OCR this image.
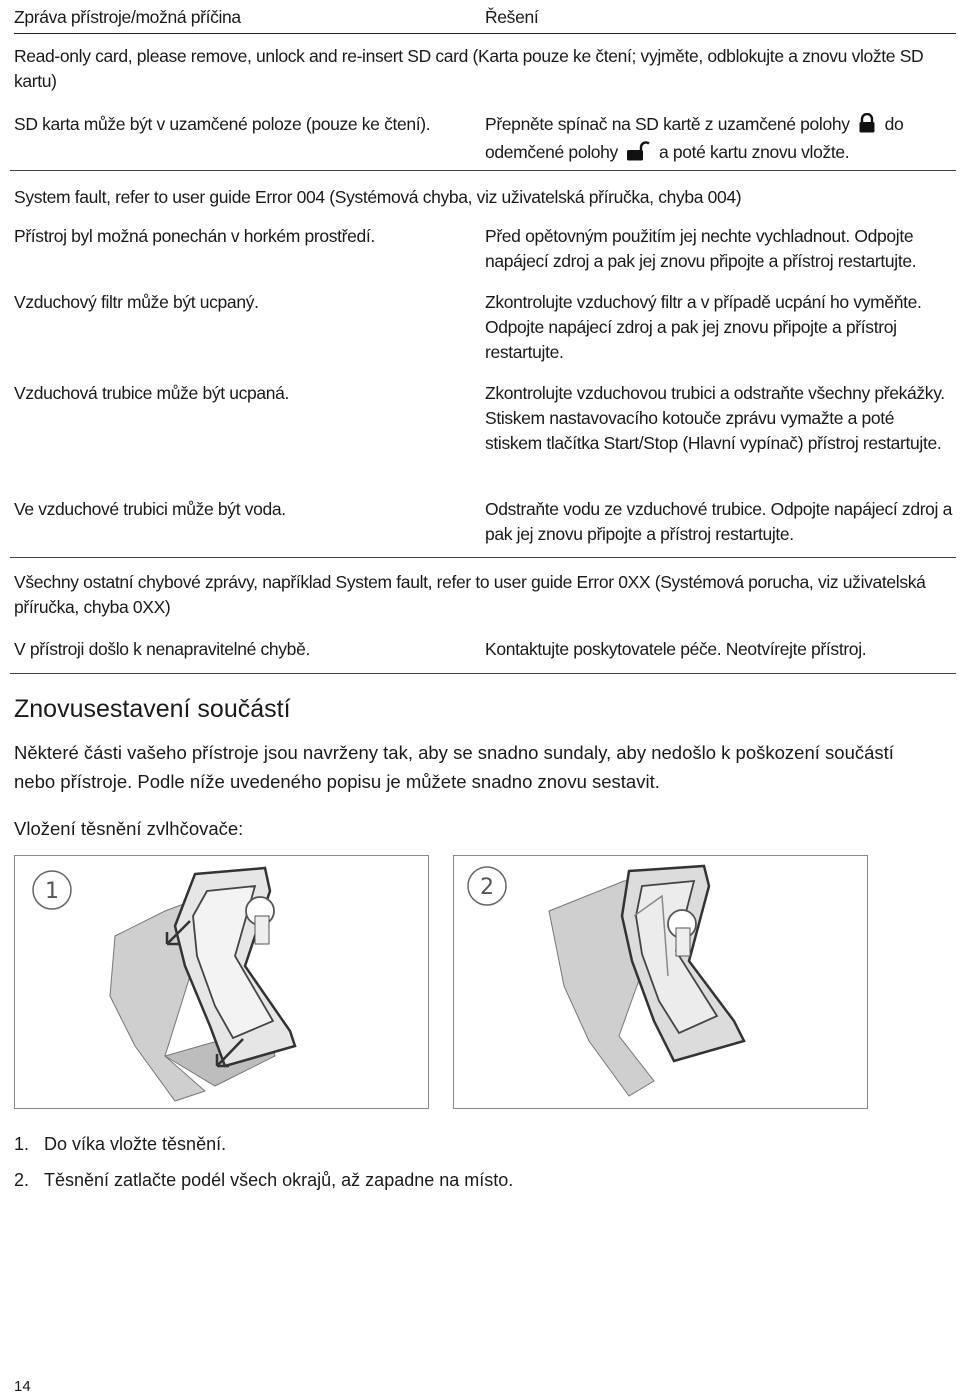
Zpráva přístroje/možná příčina	Řešení
Read-only card, please remove, unlock and re-insert SD card (Karta pouze ke čtení; vyjměte, odblokujte a znovu vložte SD kartu)
SD karta může být v uzamčené poloze (pouze ke čtení).	Přepněte spínač na SD kartě z uzamčené polohy do
odemčené polohy a poté kartu znovu vložte.
System fault, refer to user guide Error 004 (Systémová chyba, viz uživatelská příručka, chyba 004)
Přístroj byl možná ponechán v horkém prostředí.	Před opětovným použitím jej nechte vychladnout. Odpojte napájecí zdroj a pak jej znovu připojte a přístroj restartujte.
Vzduchový filtr může být ucpaný.	Zkontrolujte vzduchový filtr a v případě ucpání ho vyměňte. Odpojte napájecí zdroj a pak jej znovu připojte a přístroj restartujte.
Vzduchová trubice může být ucpaná.	Zkontrolujte vzduchovou trubici a odstraňte všechny překážky. Stiskem nastavovacího kotouče zprávu vymažte a poté stiskem tlačítka Start/Stop (Hlavní vypínač) přístroj restartujte.
Ve vzduchové trubici může být voda.	Odstraňte vodu ze vzduchové trubice. Odpojte napájecí zdroj a pak jej znovu připojte a přístroj restartujte.
Všechny ostatní chybové zprávy, například System fault, refer to user guide Error 0XX (Systémová porucha, viz uživatelská příručka, chyba 0XX)
V přístroji došlo k nenapravitelné chybě.	Kontaktujte poskytovatele péče. Neotvírejte přístroj.
Znovusestavení součástí
Některé části vašeho přístroje jsou navrženy tak, aby se snadno sundaly, aby nedošlo k poškození součástí nebo přístroje. Podle níže uvedeného popisu je můžete snadno znovu sestavit.
Vložení těsnění zvlhčovače:
1	2
1. Do víka vložte těsnění.
2. Těsnění zatlačte podél všech okrajů, až zapadne na místo.
14
